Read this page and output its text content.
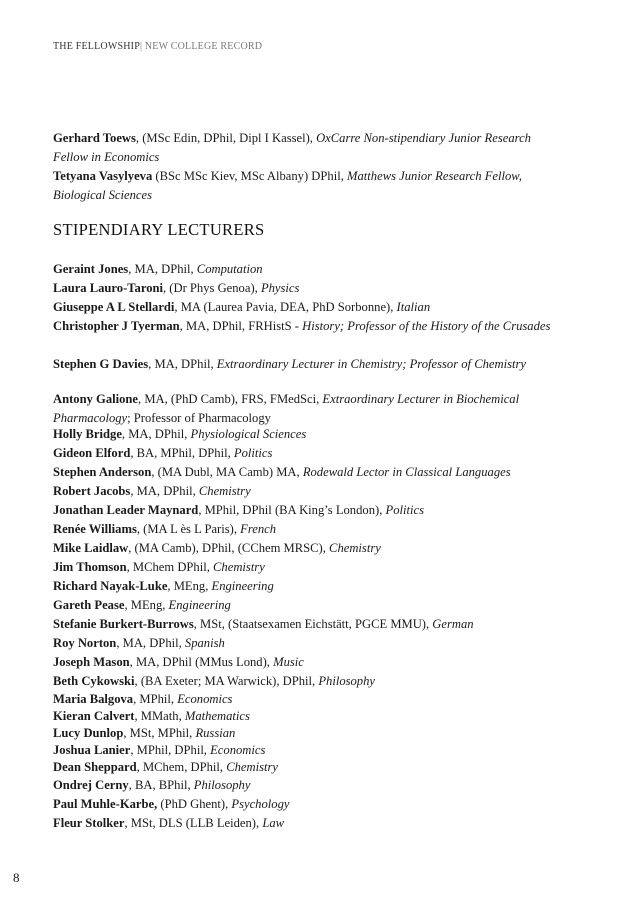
THE FELLOWSHIP| NEW COLLEGE RECORD
Gerhard Toews, (MSc Edin, DPhil, Dipl I Kassel), OxCarre Non-stipendiary Junior Research Fellow in Economics
Tetyana Vasylyeva (BSc MSc Kiev, MSc Albany) DPhil, Matthews Junior Research Fellow, Biological Sciences
STIPENDIARY LECTURERS
Geraint Jones, MA, DPhil, Computation
Laura Lauro-Taroni, (Dr Phys Genoa), Physics
Giuseppe A L Stellardi, MA (Laurea Pavia, DEA, PhD Sorbonne), Italian
Christopher J Tyerman, MA, DPhil, FRHistS - History; Professor of the History of the Crusades
Stephen G Davies, MA, DPhil, Extraordinary Lecturer in Chemistry; Professor of Chemistry
Antony Galione, MA, (PhD Camb), FRS, FMedSci, Extraordinary Lecturer in Biochemical Pharmacology; Professor of Pharmacology
Holly Bridge, MA, DPhil, Physiological Sciences
Gideon Elford, BA, MPhil, DPhil, Politics
Stephen Anderson, (MA Dubl, MA Camb) MA, Rodewald Lector in Classical Languages
Robert Jacobs, MA, DPhil, Chemistry
Jonathan Leader Maynard, MPhil, DPhil (BA King’s London), Politics
Renée Williams, (MA L ès L Paris), French
Mike Laidlaw, (MA Camb), DPhil, (CChem MRSC), Chemistry
Jim Thomson, MChem DPhil, Chemistry
Richard Nayak-Luke, MEng, Engineering
Gareth Pease, MEng, Engineering
Stefanie Burkert-Burrows, MSt, (Staatsexamen Eichstätt, PGCE MMU), German
Roy Norton, MA, DPhil, Spanish
Joseph Mason, MA, DPhil (MMus Lond), Music
Beth Cykowski, (BA Exeter; MA Warwick), DPhil, Philosophy
Maria Balgova, MPhil, Economics
Kieran Calvert, MMath, Mathematics
Lucy Dunlop, MSt, MPhil, Russian
Joshua Lanier, MPhil, DPhil, Economics
Dean Sheppard, MChem, DPhil, Chemistry
Ondrej Cerny, BA, BPhil, Philosophy
Paul Muhle-Karbe, (PhD Ghent), Psychology
Fleur Stolker, MSt, DLS (LLB Leiden), Law
8
